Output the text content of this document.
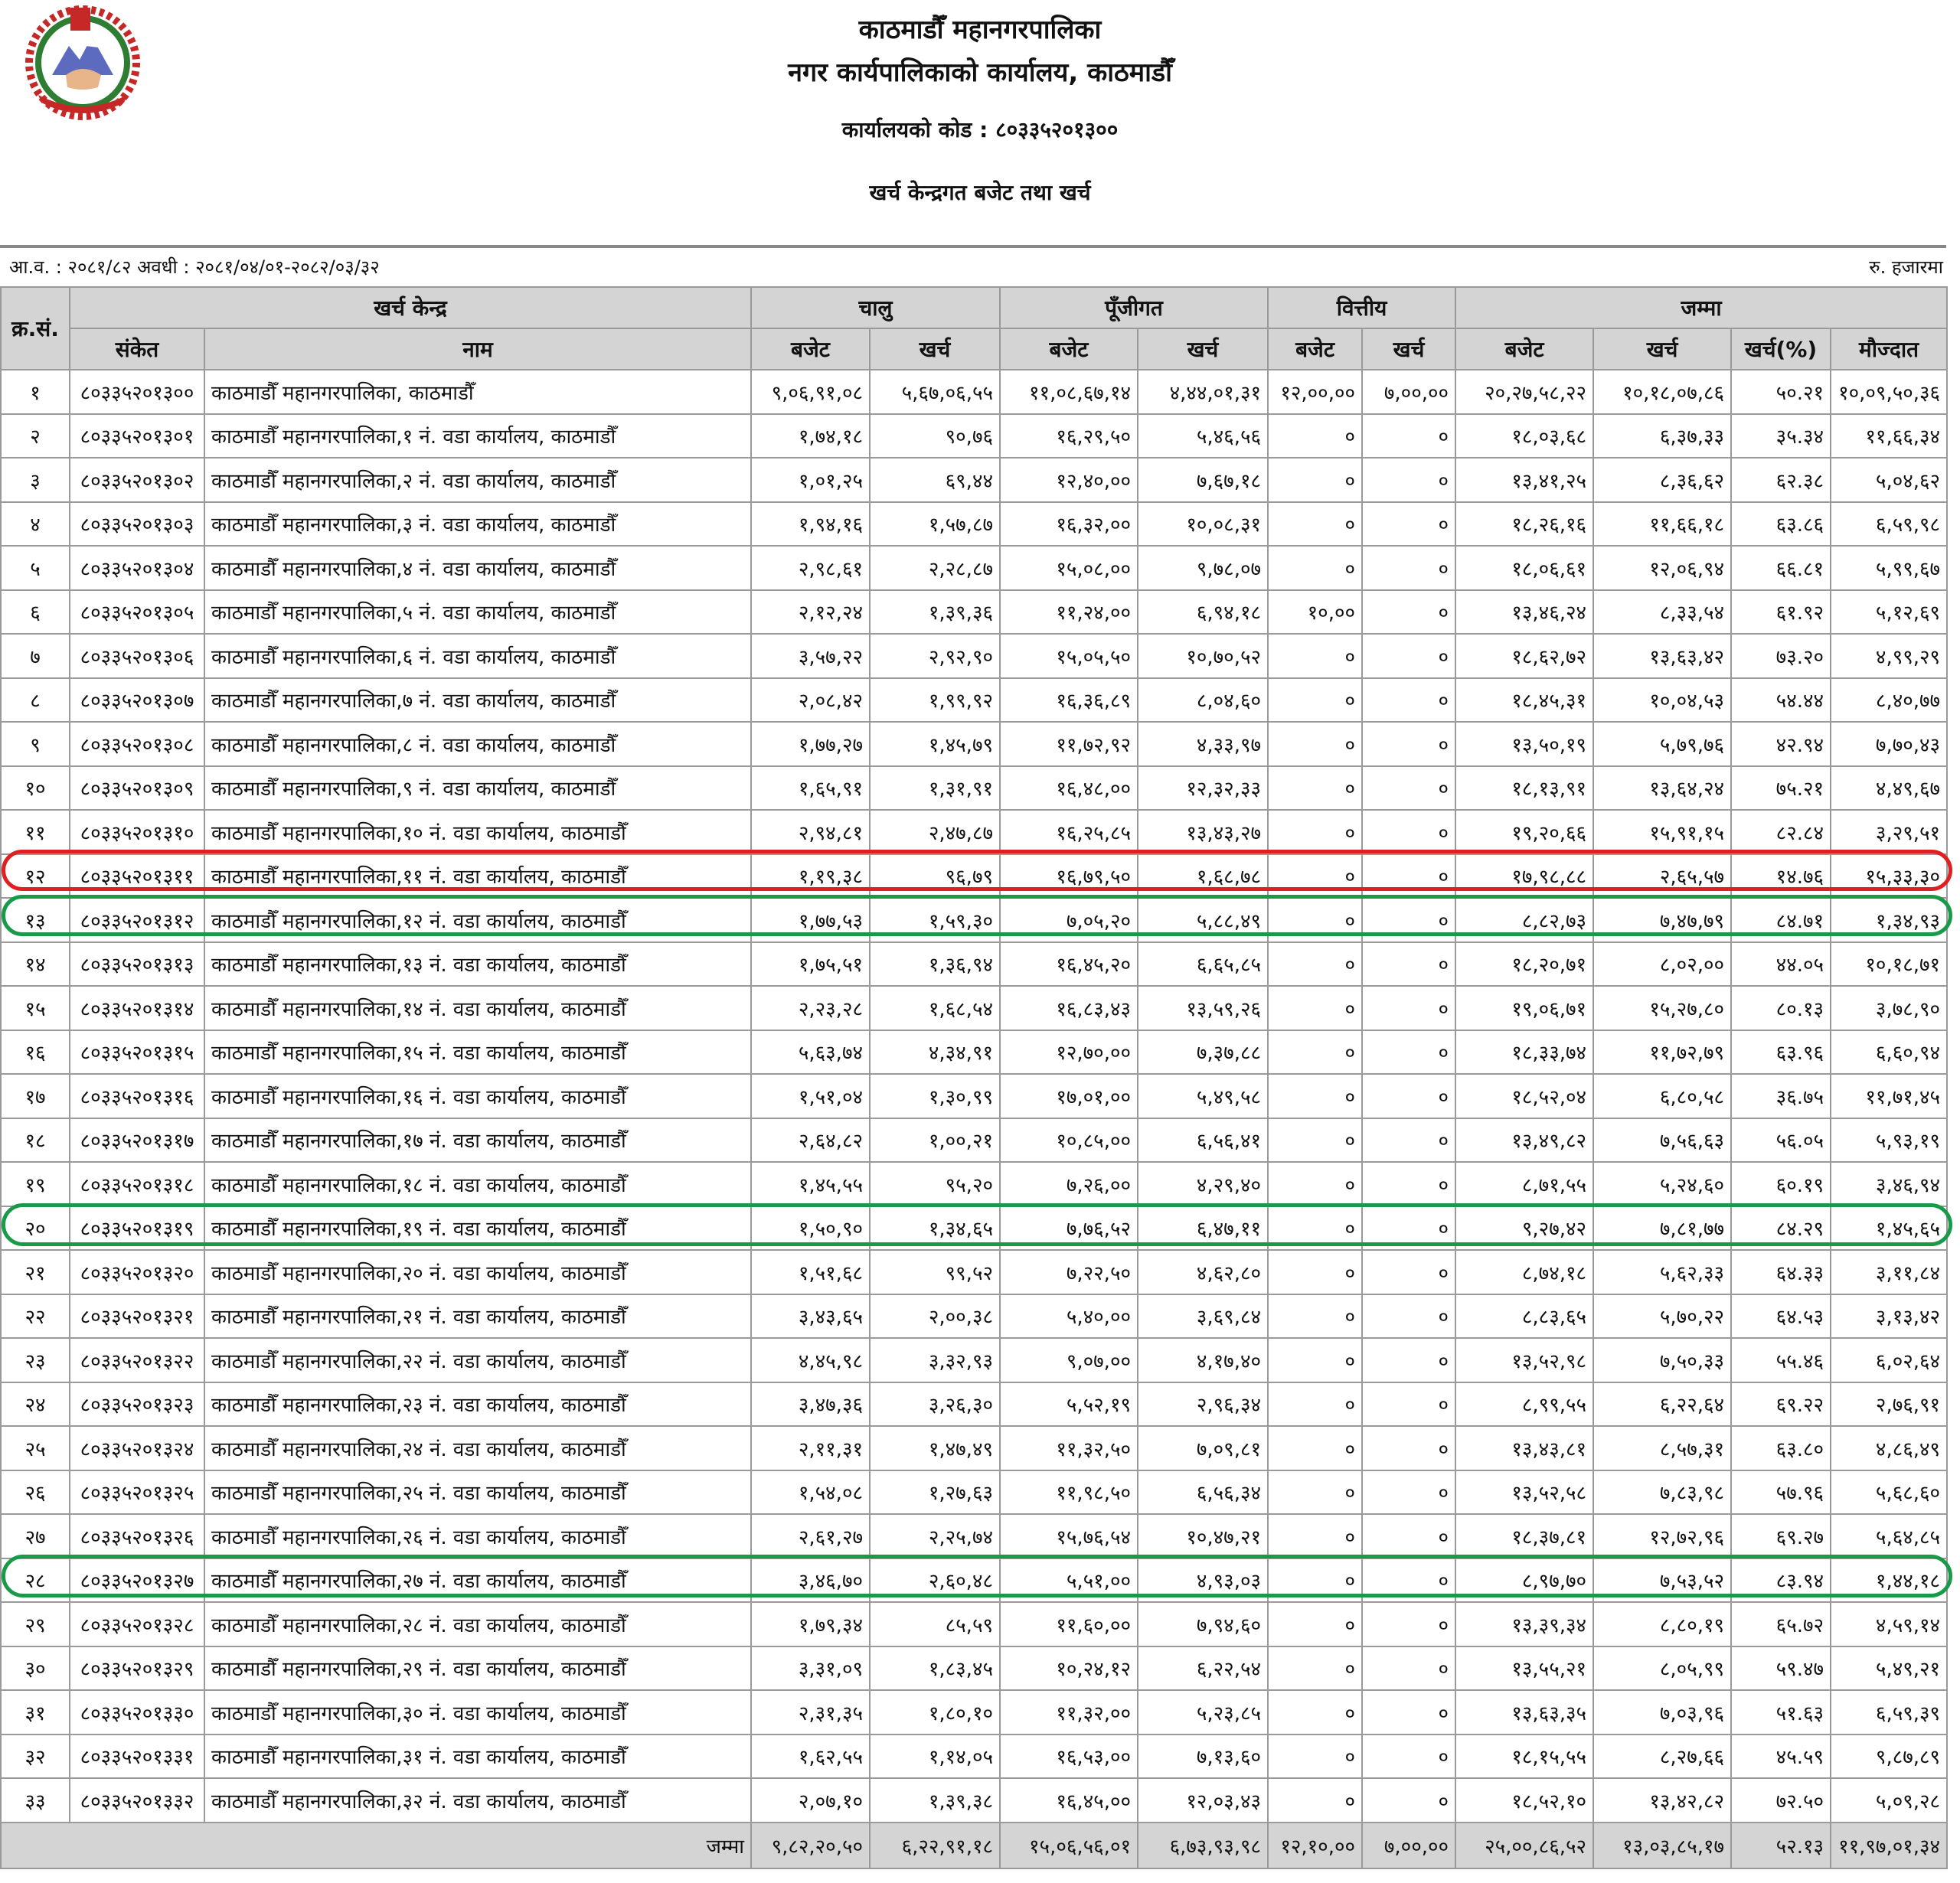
काठमाडौँ महानगरपालिका
नगर कार्यपालिकाको कार्यालय, काठमाडौँ
कार्यालयको कोड : ८०३३५२०१३००
खर्च केन्द्रगत बजेट तथा खर्च
आ.व. : २०८१/८२ अवधी : २०८१/०४/०१-२०८२/०३/३२	रु. हजारमा
क्र.सं.	खर्च केन्द्र		चालु		पूँजीगत		वित्तीय		जम्मा			
	संकेत	नाम	बजेट	खर्च	बजेट	खर्च	बजेट	खर्च	बजेट	खर्च	खर्च(%)	मौज्दात
१	८०३३५२०१३००	काठमाडौँ महानगरपालिका, काठमाडौँ	९,०६,९१,०८	५,६७,०६,५५	११,०८,६७,१४	४,४४,०१,३१	१२,००,००	७,००,००	२०,२७,५८,२२	१०,१८,०७,८६	५०.२१	१०,०९,५०,३६
२	८०३३५२०१३०१	काठमाडौँ महानगरपालिका,१ नं. वडा कार्यालय, काठमाडौँ	१,७४,१८	९०,७६	१६,२९,५०	५,४६,५६	०	०	१८,०३,६८	६,३७,३३	३५.३४	११,६६,३४
३	८०३३५२०१३०२	काठमाडौँ महानगरपालिका,२ नं. वडा कार्यालय, काठमाडौँ	१,०१,२५	६९,४४	१२,४०,००	७,६७,१८	०	०	१३,४१,२५	८,३६,६२	६२.३८	५,०४,६२
४	८०३३५२०१३०३	काठमाडौँ महानगरपालिका,३ नं. वडा कार्यालय, काठमाडौँ	१,९४,१६	१,५७,८७	१६,३२,००	१०,०८,३१	०	०	१८,२६,१६	११,६६,१८	६३.८६	६,५९,९८
५	८०३३५२०१३०४	काठमाडौँ महानगरपालिका,४ नं. वडा कार्यालय, काठमाडौँ	२,९८,६१	२,२८,८७	१५,०८,००	९,७८,०७	०	०	१८,०६,६१	१२,०६,९४	६६.८१	५,९९,६७
६	८०३३५२०१३०५	काठमाडौँ महानगरपालिका,५ नं. वडा कार्यालय, काठमाडौँ	२,१२,२४	१,३९,३६	११,२४,००	६,९४,१८	१०,००	०	१३,४६,२४	८,३३,५४	६१.९२	५,१२,६९
७	८०३३५२०१३०६	काठमाडौँ महानगरपालिका,६ नं. वडा कार्यालय, काठमाडौँ	३,५७,२२	२,९२,९०	१५,०५,५०	१०,७०,५२	०	०	१८,६२,७२	१३,६३,४२	७३.२०	४,९९,२९
८	८०३३५२०१३०७	काठमाडौँ महानगरपालिका,७ नं. वडा कार्यालय, काठमाडौँ	२,०८,४२	१,९९,९२	१६,३६,८९	८,०४,६०	०	०	१८,४५,३१	१०,०४,५३	५४.४४	८,४०,७७
९	८०३३५२०१३०८	काठमाडौँ महानगरपालिका,८ नं. वडा कार्यालय, काठमाडौँ	१,७७,२७	१,४५,७९	११,७२,९२	४,३३,९७	०	०	१३,५०,१९	५,७९,७६	४२.९४	७,७०,४३
१०	८०३३५२०१३०९	काठमाडौँ महानगरपालिका,९ नं. वडा कार्यालय, काठमाडौँ	१,६५,९१	१,३१,९१	१६,४८,००	१२,३२,३३	०	०	१८,१३,९१	१३,६४,२४	७५.२१	४,४९,६७
११	८०३३५२०१३१०	काठमाडौँ महानगरपालिका,१० नं. वडा कार्यालय, काठमाडौँ	२,९४,८१	२,४७,८७	१६,२५,८५	१३,४३,२७	०	०	१९,२०,६६	१५,९१,१५	८२.८४	३,२९,५१
१२	८०३३५२०१३११	काठमाडौँ महानगरपालिका,११ नं. वडा कार्यालय, काठमाडौँ	१,१९,३८	९६,७९	१६,७९,५०	१,६८,७८	०	०	१७,९८,८८	२,६५,५७	१४.७६	१५,३३,३०
१३	८०३३५२०१३१२	काठमाडौँ महानगरपालिका,१२ नं. वडा कार्यालय, काठमाडौँ	१,७७,५३	१,५९,३०	७,०५,२०	५,८८,४९	०	०	८,८२,७३	७,४७,७९	८४.७१	१,३४,९३
१४	८०३३५२०१३१३	काठमाडौँ महानगरपालिका,१३ नं. वडा कार्यालय, काठमाडौँ	१,७५,५१	१,३६,९४	१६,४५,२०	६,६५,८५	०	०	१८,२०,७१	८,०२,००	४४.०५	१०,१८,७१
१५	८०३३५२०१३१४	काठमाडौँ महानगरपालिका,१४ नं. वडा कार्यालय, काठमाडौँ	२,२३,२८	१,६८,५४	१६,८३,४३	१३,५९,२६	०	०	१९,०६,७१	१५,२७,८०	८०.१३	३,७८,९०
१६	८०३३५२०१३१५	काठमाडौँ महानगरपालिका,१५ नं. वडा कार्यालय, काठमाडौँ	५,६३,७४	४,३४,९१	१२,७०,००	७,३७,८८	०	०	१८,३३,७४	११,७२,७९	६३.९६	६,६०,९४
१७	८०३३५२०१३१६	काठमाडौँ महानगरपालिका,१६ नं. वडा कार्यालय, काठमाडौँ	१,५१,०४	१,३०,९९	१७,०१,००	५,४९,५८	०	०	१८,५२,०४	६,८०,५८	३६.७५	११,७१,४५
१८	८०३३५२०१३१७	काठमाडौँ महानगरपालिका,१७ नं. वडा कार्यालय, काठमाडौँ	२,६४,८२	१,००,२१	१०,८५,००	६,५६,४१	०	०	१३,४९,८२	७,५६,६३	५६.०५	५,९३,१९
१९	८०३३५२०१३१८	काठमाडौँ महानगरपालिका,१८ नं. वडा कार्यालय, काठमाडौँ	१,४५,५५	९५,२०	७,२६,००	४,२९,४०	०	०	८,७१,५५	५,२४,६०	६०.१९	३,४६,९४
२०	८०३३५२०१३१९	काठमाडौँ महानगरपालिका,१९ नं. वडा कार्यालय, काठमाडौँ	१,५०,९०	१,३४,६५	७,७६,५२	६,४७,११	०	०	९,२७,४२	७,८१,७७	८४.२९	१,४५,६५
२१	८०३३५२०१३२०	काठमाडौँ महानगरपालिका,२० नं. वडा कार्यालय, काठमाडौँ	१,५१,६८	९९,५२	७,२२,५०	४,६२,८०	०	०	८,७४,१८	५,६२,३३	६४.३३	३,११,८४
२२	८०३३५२०१३२१	काठमाडौँ महानगरपालिका,२१ नं. वडा कार्यालय, काठमाडौँ	३,४३,६५	२,००,३८	५,४०,००	३,६९,८४	०	०	८,८३,६५	५,७०,२२	६४.५३	३,१३,४२
२३	८०३३५२०१३२२	काठमाडौँ महानगरपालिका,२२ नं. वडा कार्यालय, काठमाडौँ	४,४५,९८	३,३२,९३	९,०७,००	४,१७,४०	०	०	१३,५२,९८	७,५०,३३	५५.४६	६,०२,६४
२४	८०३३५२०१३२३	काठमाडौँ महानगरपालिका,२३ नं. वडा कार्यालय, काठमाडौँ	३,४७,३६	३,२६,३०	५,५२,१९	२,९६,३४	०	०	८,९९,५५	६,२२,६४	६९.२२	२,७६,९१
२५	८०३३५२०१३२४	काठमाडौँ महानगरपालिका,२४ नं. वडा कार्यालय, काठमाडौँ	२,११,३१	१,४७,४९	११,३२,५०	७,०९,८१	०	०	१३,४३,८१	८,५७,३१	६३.८०	४,८६,४९
२६	८०३३५२०१३२५	काठमाडौँ महानगरपालिका,२५ नं. वडा कार्यालय, काठमाडौँ	१,५४,०८	१,२७,६३	११,९८,५०	६,५६,३४	०	०	१३,५२,५८	७,८३,९८	५७.९६	५,६८,६०
२७	८०३३५२०१३२६	काठमाडौँ महानगरपालिका,२६ नं. वडा कार्यालय, काठमाडौँ	२,६१,२७	२,२५,७४	१५,७६,५४	१०,४७,२१	०	०	१८,३७,८१	१२,७२,९६	६९.२७	५,६४,८५
२८	८०३३५२०१३२७	काठमाडौँ महानगरपालिका,२७ नं. वडा कार्यालय, काठमाडौँ	३,४६,७०	२,६०,४८	५,५१,००	४,९३,०३	०	०	८,९७,७०	७,५३,५२	८३.९४	१,४४,१८
२९	८०३३५२०१३२८	काठमाडौँ महानगरपालिका,२८ नं. वडा कार्यालय, काठमाडौँ	१,७९,३४	८५,५९	११,६०,००	७,९४,६०	०	०	१३,३९,३४	८,८०,१९	६५.७२	४,५९,१४
३०	८०३३५२०१३२९	काठमाडौँ महानगरपालिका,२९ नं. वडा कार्यालय, काठमाडौँ	३,३१,०९	१,८३,४५	१०,२४,१२	६,२२,५४	०	०	१३,५५,२१	८,०५,९९	५९.४७	५,४९,२१
३१	८०३३५२०१३३०	काठमाडौँ महानगरपालिका,३० नं. वडा कार्यालय, काठमाडौँ	२,३१,३५	१,८०,१०	११,३२,००	५,२३,८५	०	०	१३,६३,३५	७,०३,९६	५१.६३	६,५९,३९
३२	८०३३५२०१३३१	काठमाडौँ महानगरपालिका,३१ नं. वडा कार्यालय, काठमाडौँ	१,६२,५५	१,१४,०५	१६,५३,००	७,१३,६०	०	०	१८,१५,५५	८,२७,६६	४५.५९	९,८७,८९
३३	८०३३५२०१३३२	काठमाडौँ महानगरपालिका,३२ नं. वडा कार्यालय, काठमाडौँ	२,०७,१०	१,३९,३८	१६,४५,००	१२,०३,४३	०	०	१८,५२,१०	१३,४२,८२	७२.५०	५,०९,२८
जम्मा			९,८२,२०,५०	६,२२,९१,१८	१५,०६,५६,०१	६,७३,९३,९८	१२,१०,००	७,००,००	२५,००,८६,५२	१३,०३,८५,१७	५२.१३	११,९७,०१,३४
